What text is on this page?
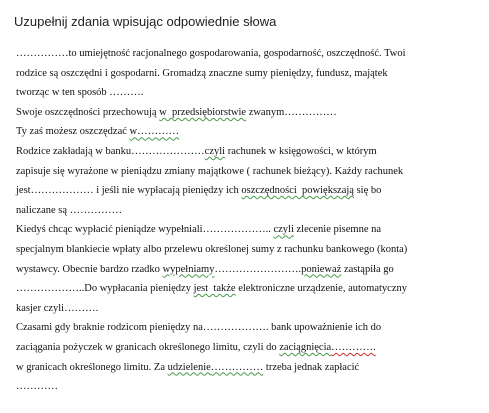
Uzupełnij zdania wpisując odpowiednie słowa
……………to umiejętność racjonalnego gospodarowania, gospodarność, oszczędność. Twoi
rodzice są oszczędni i gospodarni. Gromadzą znaczne sumy pieniędzy, fundusz, majątek
tworząc w ten sposób ……….
Swoje oszczędności przechowują w  przedsiębiorstwie zwanym……………
Ty zaś możesz oszczędzać w…………
Rodzice zakładają w banku…………………czyli rachunek w księgowości, w którym
zapisuje się wyrażone w pieniądzu zmiany majątkowe ( rachunek bieżący). Każdy rachunek
jest……………… i jeśli nie wypłacają pieniędzy ich oszczędności  powiększają się bo
naliczane są ……………
Kiedyś chcąc wypłacić pieniądze wypełniali……………….. czyli zlecenie pisemne na
specjalnym blankiecie wpłaty albo przelewu określonej sumy z rachunku bankowego (konta)
wystawcy. Obecnie bardzo rzadko wypełniamy…………………….ponieważ zastąpiła go
………………..Do wypłacania pieniędzy jest  także elektroniczne urządzenie, automatyczny
kasjer czyli……….
Czasami gdy braknie rodzicom pieniędzy na………………. bank upoważnienie ich do
zaciągania pożyczek w granicach określonego limitu, czyli do zaciągnięcia………….
w granicach określonego limitu. Za udzielenie…………… trzeba jednak zapłacić
…………
